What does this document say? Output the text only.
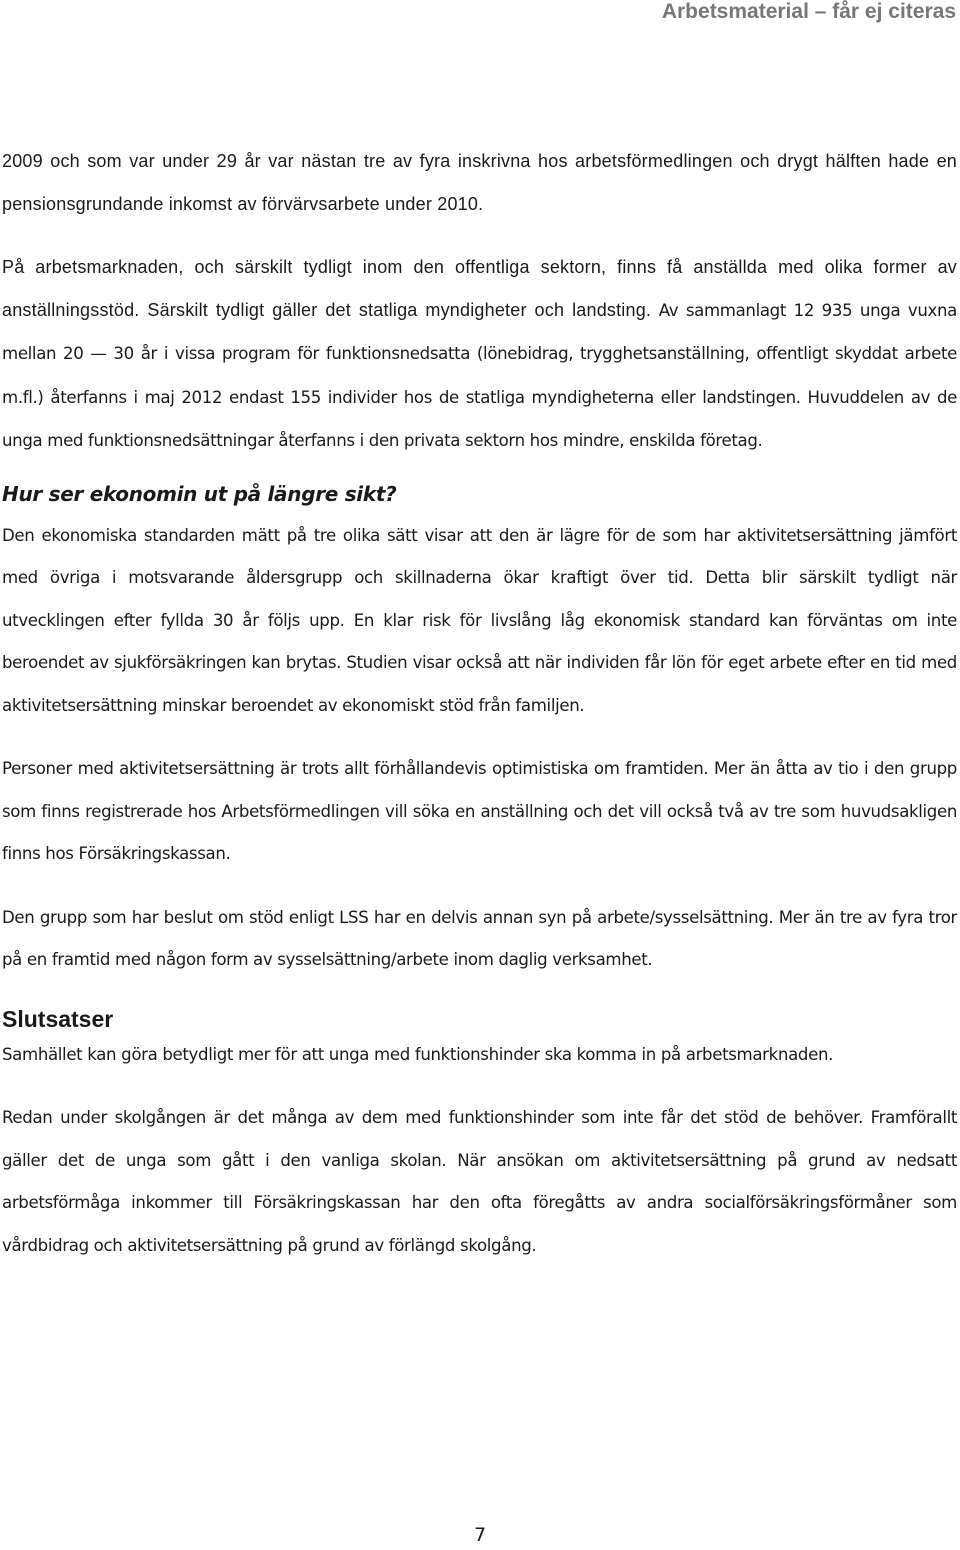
Arbetsmaterial – får ej citeras

2009 och som var under 29 år var nästan tre av fyra inskrivna hos arbetsförmedlingen och drygt hälften hade en pensionsgrundande inkomst av förvärvsarbete under 2010.

På arbetsmarknaden, och särskilt tydligt inom den offentliga sektorn, finns få anställda med olika former av anställningsstöd. Särskilt tydligt gäller det statliga myndigheter och landsting. Av sammanlagt 12 935 unga vuxna mellan 20 — 30 år i vissa program för funktionsnedsatta (lönebidrag, trygghetsanställning, offentligt skyddat arbete m.fl.) återfanns i maj 2012 endast 155 individer hos de statliga myndigheterna eller landstingen. Huvuddelen av de unga med funktionsnedsättningar återfanns i den privata sektorn hos mindre, enskilda företag.

Hur ser ekonomin ut på längre sikt?

Den ekonomiska standarden mätt på tre olika sätt visar att den är lägre för de som har aktivitetsersättning jämfört med övriga i motsvarande åldersgrupp och skillnaderna ökar kraftigt över tid. Detta blir särskilt tydligt när utvecklingen efter fyllda 30 år följs upp. En klar risk för livslång låg ekonomisk standard kan förväntas om inte beroendet av sjukförsäkringen kan brytas. Studien visar också att när individen får lön för eget arbete efter en tid med aktivitetsersättning minskar beroendet av ekonomiskt stöd från familjen.

Personer med aktivitetsersättning är trots allt förhållandevis optimistiska om framtiden. Mer än åtta av tio i den grupp som finns registrerade hos Arbetsförmedlingen vill söka en anställning och det vill också två av tre som huvudsakligen finns hos Försäkringskassan.

Den grupp som har beslut om stöd enligt LSS har en delvis annan syn på arbete/sysselsättning. Mer än tre av fyra tror på en framtid med någon form av sysselsättning/arbete inom daglig verksamhet.

Slutsatser

Samhället kan göra betydligt mer för att unga med funktionshinder ska komma in på arbetsmarknaden.

Redan under skolgången är det många av dem med funktionshinder som inte får det stöd de behöver. Framförallt gäller det de unga som gått i den vanliga skolan. När ansökan om aktivitetsersättning på grund av nedsatt arbetsförmåga inkommer till Försäkringskassan har den ofta föregåtts av andra socialförsäkringsförmåner som vårdbidrag och aktivitetsersättning på grund av förlängd skolgång.

7
